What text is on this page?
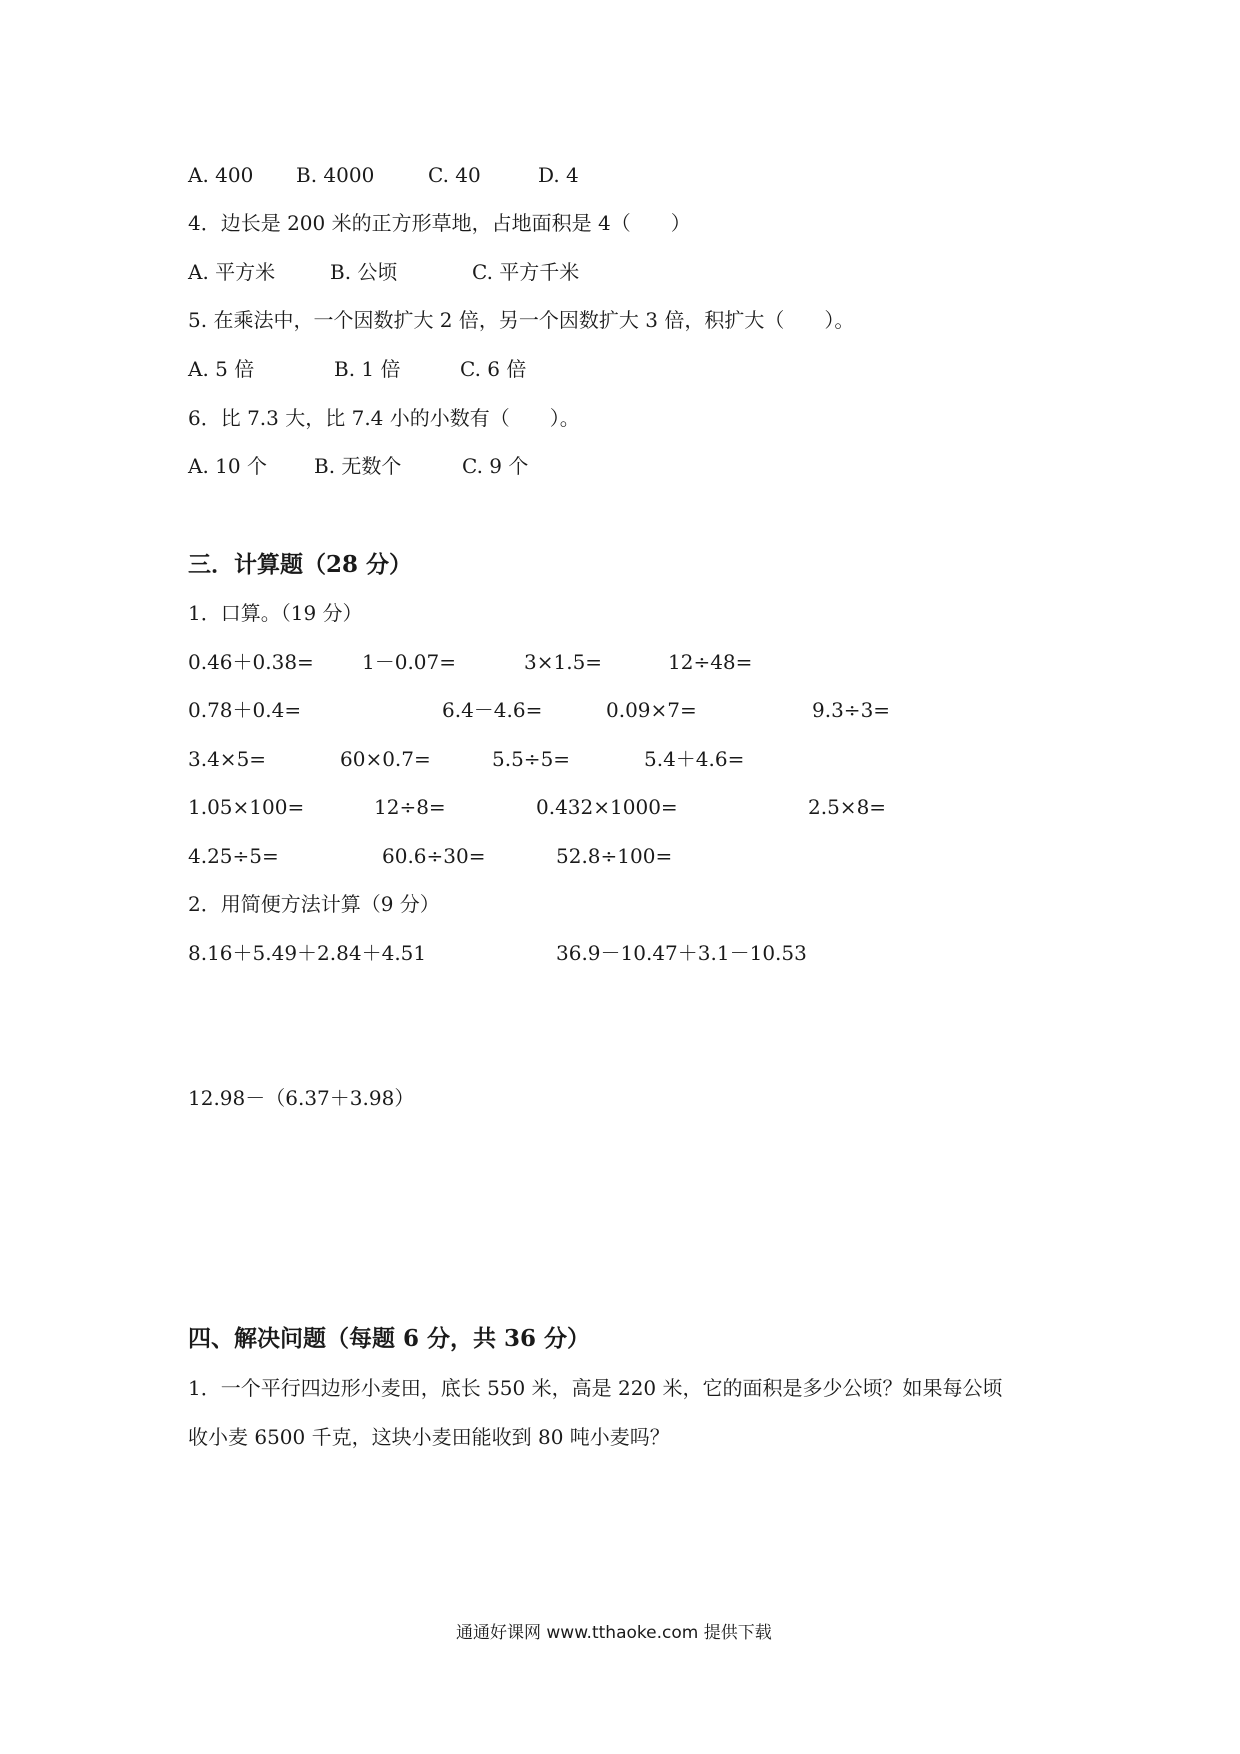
A. 400 B. 4000	C. 40	D. 4
4．边长是 200 米的正方形草地，占地面积是 4（　　）
A. 平方米	B. 公顷	C. 平方千米
5. 在乘法中，一个因数扩大 2 倍，另一个因数扩大 3 倍，积扩大（　　）。
A. 5 倍	B. 1 倍	C. 6 倍
6．比 7.3 大，比 7.4 小的小数有（　　）。
A. 10 个 B. 无数个	C. 9 个
三．计算题（28 分）
1．口算。（19 分）
0.46＋0.38= 1－0.07=	3×1.5=	12÷48=
0.78＋0.4=	6.4－4.6=	0.09×7=	9.3÷3=
3.4×5=	60×0.7=	5.5÷5=	5.4＋4.6=
1.05×100=	12÷8=	0.432×1000=	2.5×8=
4.25÷5=	60.6÷30=	52.8÷100=
2．用简便方法计算（9 分）
8.16＋5.49＋2.84＋4.51	36.9－10.47＋3.1－10.53
12.98－（6.37＋3.98）
四、解决问题（每题 6 分，共 36 分）
1．一个平行四边形小麦田，底长 550 米，高是 220 米，它的面积是多少公顷？如果每公顷
收小麦 6500 千克，这块小麦田能收到 80 吨小麦吗？
通通好课网 www.tthaoke.com 提供下载
